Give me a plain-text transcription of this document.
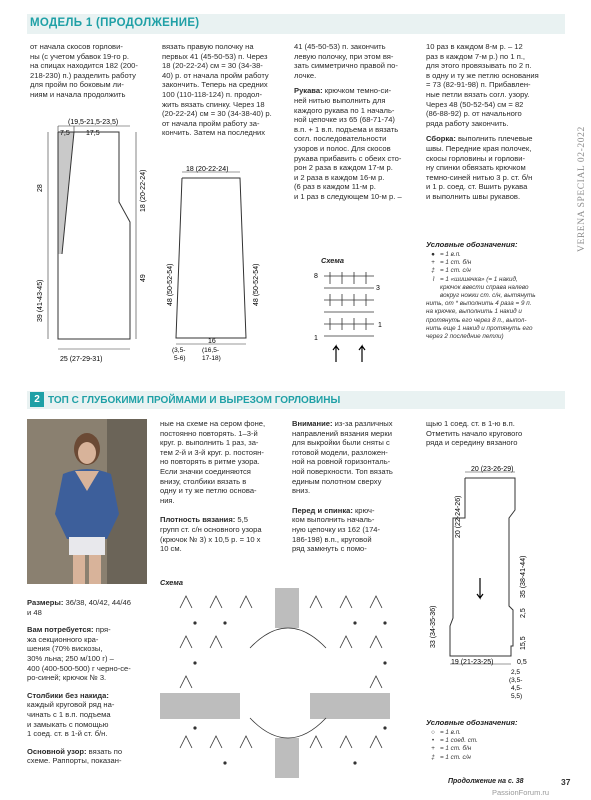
МОДЕЛЬ 1 (ПРОДОЛЖЕНИЕ)
VERENA SPECIAL 02-2022
от начала скосов горлови-
ны (с учетом убавок 19-го р.
на спицах находится 182 (200-
218-230) п.) разделить работу
для пройм по боковым ли-
ниям и начала продолжить
вязать правую полочку на
первых 41 (45-50-53) п. Через
18 (20-22-24) см = 30 (34-38-
40) р. от начала пройм работу
закончить. Теперь на средних
100 (110-118-124) п. продол-
жить вязать спинку. Через 18
(20-22-24) см = 30 (34-38-40) р.
от начала пройм работу за-
кончить. Затем на последних
41 (45-50-53) п. закончить
левую полочку, при этом вя-
зать симметрично правой по-
лочке.
Рукава: крючком темно-си-
ней нитью выполнить для
каждого рукава по 1 началь-
ной цепочке из 65 (68-71-74)
в.п. + 1 в.п. подъема и вязать
согл. последовательности
узоров и полос. Для скосов
рукава прибавить с обеих сто-
рон 2 раза в каждом 17-м р.
и 2 раза в каждом 16-м р.
(6 раз в каждом 11-м р.
и 1 раз в следующем 10-м р. –
10 раз в каждом 8-м р. – 12
раз в каждом 7-м р.) по 1 п.,
для этого провязывать по 2 п.
в одну и ту же петлю основания
= 73 (82-91-98) п. Прибавлен-
ные петли вязать согл. узору.
Через 48 (50-52-54) см = 82
(86-88-92) р. от начального
ряда работу закончить.
Сборка: выполнить плечевые
швы. Передние края полочек,
скосы горловины и горлови-
ну спинки обвязать крючком
темно-синей нитью 3 р. ст. б/н
и 1 р. соед. ст. Вшить рукава
и выполнить швы рукавов.
Условные обозначения:
● = 1 в.п.
+ = 1 ст. б/н
‡ = 1 ст. с/н
⌇ = 1 «шишечка» (= 1 накид,
крючок ввести справа налево
вокруг ножки ст. с/н, вытянуть
нить, от * выполнить 4 раза = 9 п.
на крючке, выполнить 1 накид и
протянуть его через 8 п., выпол-
нить еще 1 накид и протянуть его
через 2 последние петли)
(19,5-21,5-23,5)
7,5 17,5
28
39 (41-43-45)
18 (20-22-24)
49
25 (27-29-31)
18 (20-22-24)
48 (50-52-54)	48 (50-52-54)
16
(3,5-
5-6)
(16,5-
17-18)
Схема
8
3
1
1
2 ТОП С ГЛУБОКИМИ ПРОЙМАМИ И ВЫРЕЗОМ ГОРЛОВИНЫ
Размеры: 36/38, 40/42, 44/46
и 48
Вам потребуется: пря-
жа секционного кра-
шения (70% вискозы,
30% льна; 250 м/100 г) –
400 (400-500-500) г черно-се-
ро-синей; крючок № 3.
Столбики без накида:
каждый круговой ряд на-
чинать с 1 в.п. подъема
и замыкать с помощью
1 соед. ст. в 1-й ст. б/н.
Основной узор: вязать по
схеме. Раппорты, показан-
ные на схеме на сером фоне,
постоянно повторять. 1–3-й
круг. р. выполнить 1 раз, за-
тем 2-й и 3-й круг. р. постоян-
но повторять в ритме узора.
Если значки соединяются
внизу, столбики вязать в
одну и ту же петлю основа-
ния.
Плотность вязания: 5,5
групп ст. с/н основного узора
(крючок № 3) х 10,5 р. = 10 х
10 см.
Внимание: из-за различных
направлений вязания мерки
для выкройки были сняты с
готовой модели, разложен-
ной на ровной горизонталь-
ной поверхности. Топ вязать
единым полотном сверху
вниз.
Перед и спинка: крюч-
ком выполнить началь-
ную цепочку из 162 (174-
186-198) в.п., круговой
ряд замкнуть с помо-
щью 1 соед. ст. в 1-ю в.п.
Отметить начало кругового
ряда и середину вязаного
Схема
20 (23-26-29)
20 (22-24-26)
35 (38-41-44)
33 (34-35-36)	2,5
15,5
19 (21-23-25)	0,5
2,5
(3,5-
4,5-
5,5)
Условные обозначения:
○ = 1 в.п.
• = 1 соед. ст.
+ = 1 ст. б/н
‡ = 1 ст. с/н
Продолжение на с. 38	37
PassionForum.ru
